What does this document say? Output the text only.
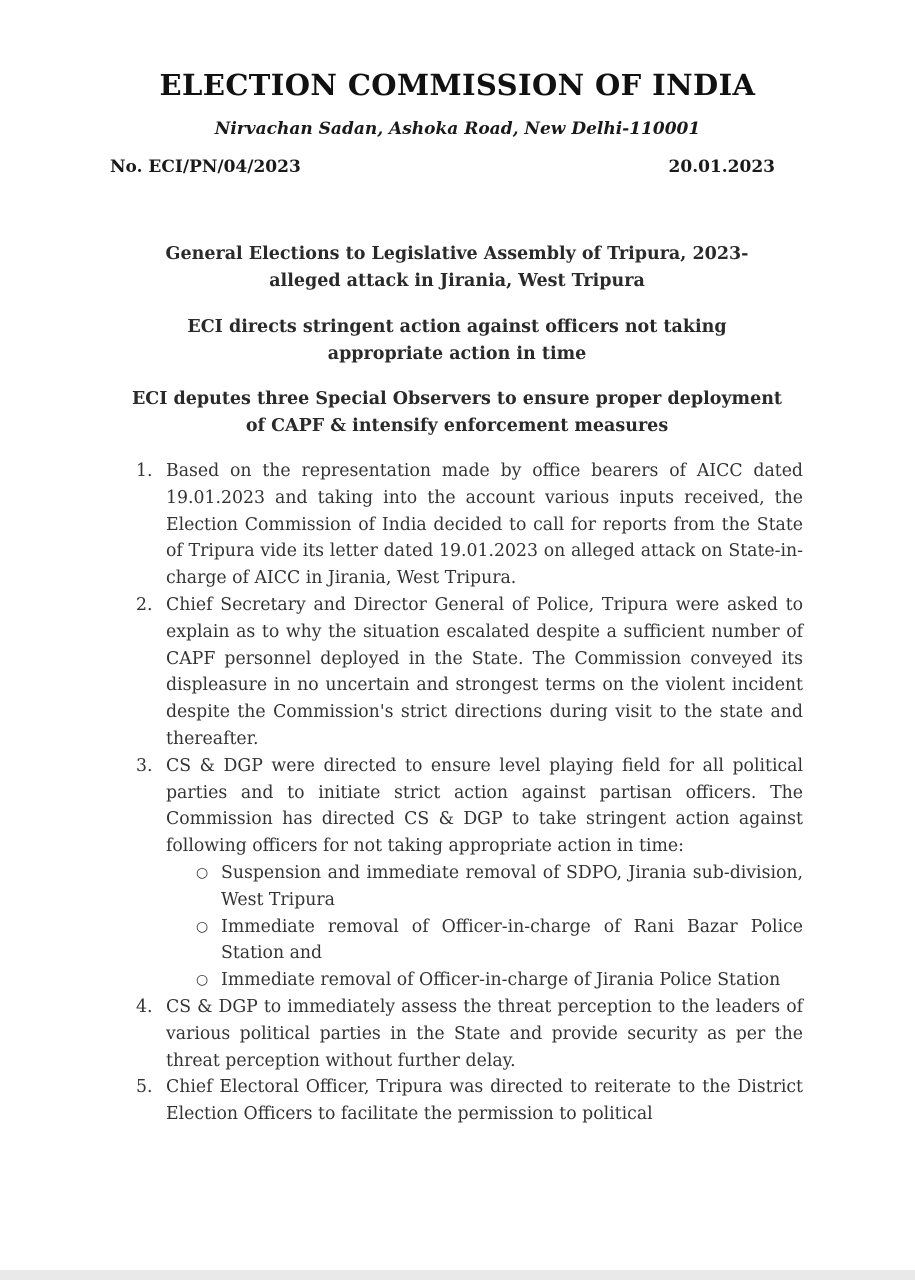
ELECTION COMMISSION OF INDIA
Nirvachan Sadan, Ashoka Road, New Delhi-110001
No. ECI/PN/04/2023	20.01.2023
General Elections to Legislative Assembly of Tripura, 2023-
alleged attack in Jirania, West Tripura
ECI directs stringent action against officers not taking
appropriate action in time
ECI deputes three Special Observers to ensure proper deployment
of CAPF & intensify enforcement measures
1. Based on the representation made by office bearers of AICC dated 19.01.2023 and taking into the account various inputs received, the Election Commission of India decided to call for reports from the State of Tripura vide its letter dated 19.01.2023 on alleged attack on State-in-charge of AICC in Jirania, West Tripura.
2. Chief Secretary and Director General of Police, Tripura were asked to explain as to why the situation escalated despite a sufficient number of CAPF personnel deployed in the State. The Commission conveyed its displeasure in no uncertain and strongest terms on the violent incident despite the Commission's strict directions during visit to the state and thereafter.
3. CS & DGP were directed to ensure level playing field for all political parties and to initiate strict action against partisan officers. The Commission has directed CS & DGP to take stringent action against following officers for not taking appropriate action in time:
○ Suspension and immediate removal of SDPO, Jirania sub-division, West Tripura
○ Immediate removal of Officer-in-charge of Rani Bazar Police Station and
○ Immediate removal of Officer-in-charge of Jirania Police Station
4. CS & DGP to immediately assess the threat perception to the leaders of various political parties in the State and provide security as per the threat perception without further delay.
5. Chief Electoral Officer, Tripura was directed to reiterate to the District Election Officers to facilitate the permission to political
